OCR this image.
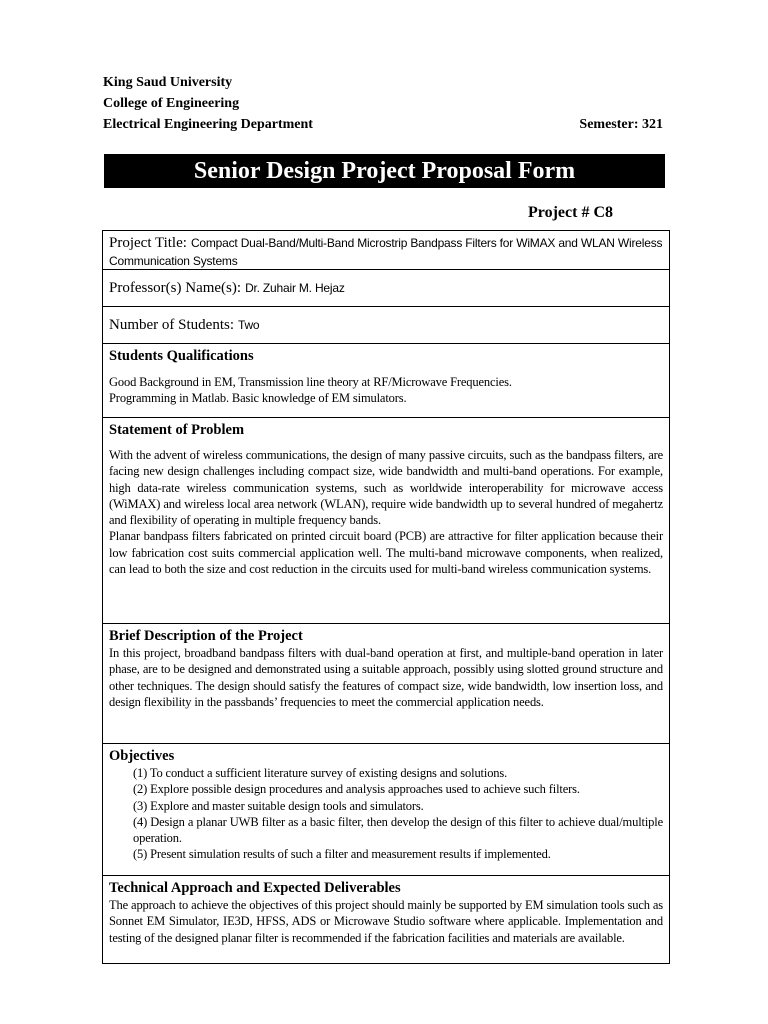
King Saud University
College of Engineering
Electrical Engineering Department	Semester: 321
Senior Design Project Proposal Form
Project # C8
Project Title: Compact Dual-Band/Multi-Band Microstrip Bandpass Filters for WiMAX and WLAN Wireless Communication Systems
Professor(s) Name(s): Dr. Zuhair M. Hejaz
Number of Students: Two

Students Qualifications

Good Background in EM, Transmission line theory at RF/Microwave Frequencies.
Programming in Matlab. Basic knowledge of EM simulators.

Statement of Problem

With the advent of wireless communications, the design of many passive circuits, such as the bandpass filters, are facing new design challenges including compact size, wide bandwidth and multi-band operations. For example, high data-rate wireless communication systems, such as worldwide interoperability for microwave access (WiMAX) and wireless local area network (WLAN), require wide bandwidth up to several hundred of megahertz and flexibility of operating in multiple frequency bands.
Planar bandpass filters fabricated on printed circuit board (PCB) are attractive for filter application because their low fabrication cost suits commercial application well. The multi-band microwave components, when realized, can lead to both the size and cost reduction in the circuits used for multi-band wireless communication systems.

Brief Description of the Project

In this project, broadband bandpass filters with dual-band operation at first, and multiple-band operation in later phase, are to be designed and demonstrated using a suitable approach, possibly using slotted ground structure and other techniques. The design should satisfy the features of compact size, wide bandwidth, low insertion loss, and design flexibility in the passbands’ frequencies to meet the commercial application needs.

Objectives

(1) To conduct a sufficient literature survey of existing designs and solutions.
(2) Explore possible design procedures and analysis approaches used to achieve such filters.
(3) Explore and master suitable design tools and simulators.
(4) Design a planar UWB filter as a basic filter, then develop the design of this filter to achieve dual/multiple operation.
(5) Present simulation results of such a filter and measurement results if implemented.

Technical Approach and Expected Deliverables

The approach to achieve the objectives of this project should mainly be supported by EM simulation tools such as Sonnet EM Simulator, IE3D, HFSS, ADS or Microwave Studio software where applicable. Implementation and testing of the designed planar filter is recommended if the fabrication facilities and materials are available.
